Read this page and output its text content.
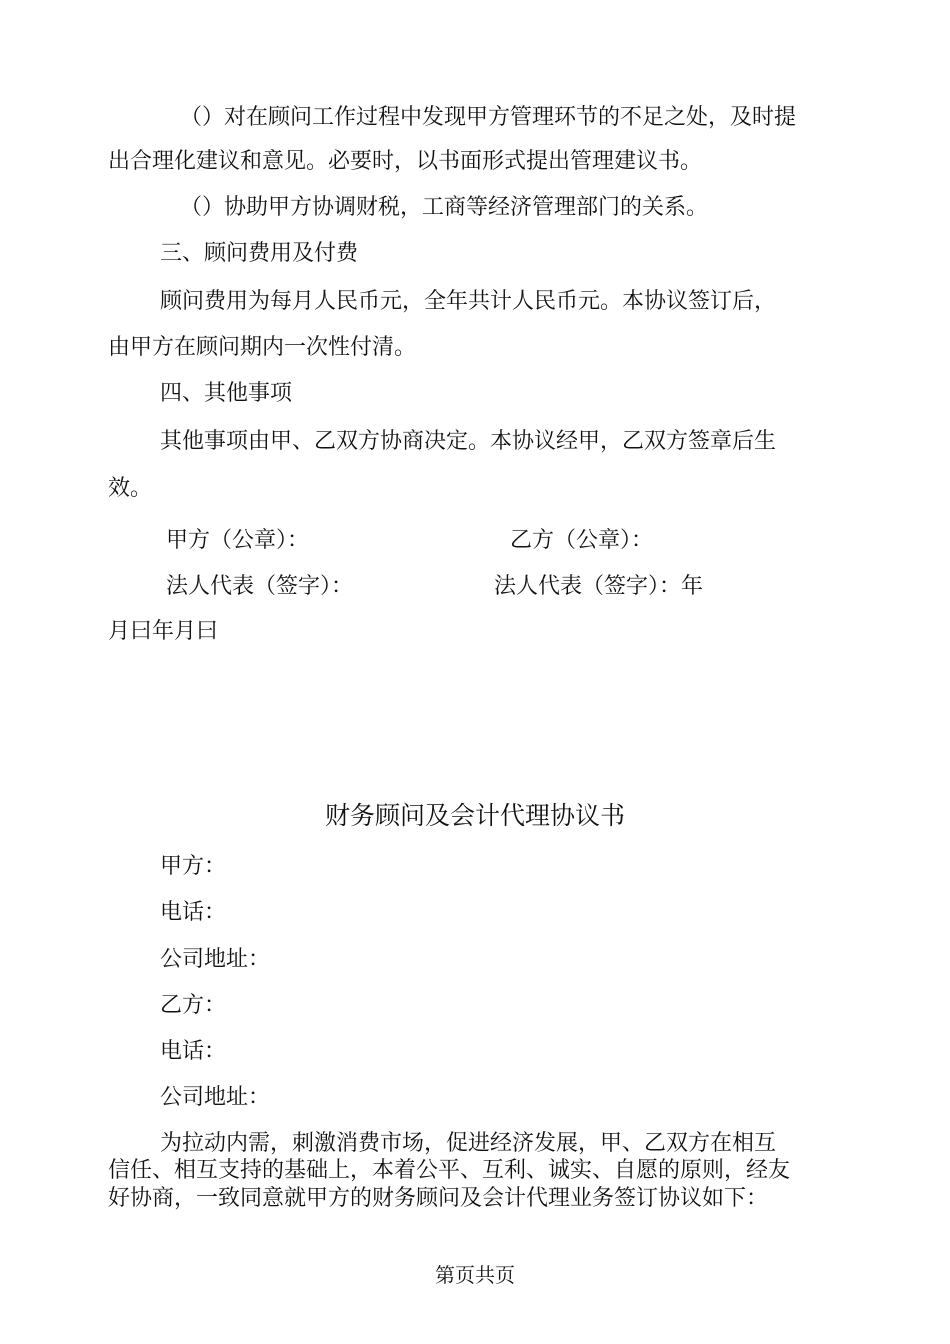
（）对在顾问工作过程中发现甲方管理环节的不足之处，及时提

出合理化建议和意见。必要时，以书面形式提出管理建议书。

（）协助甲方协调财税，工商等经济管理部门的关系。

三、顾问费用及付费

顾问费用为每月人民币元，全年共计人民币元。本协议签订后，

由甲方在顾问期内一次性付清。

四、其他事项

其他事项由甲、乙双方协商决定。本协议经甲，乙双方签章后生

效。

甲方（公章）：	乙方（公章）：

法人代表（签字）：	法人代表（签字）：年

月曰年月曰

财务顾问及会计代理协议书

甲方：

电话：

公司地址：

乙方：

电话：

公司地址：

为拉动内需，刺激消费市场，促进经济发展，甲、乙双方在相互

信任、相互支持的基础上，本着公平、互利、诚实、自愿的原则，经友

好协商，一致同意就甲方的财务顾问及会计代理业务签订协议如下：

第页共页
